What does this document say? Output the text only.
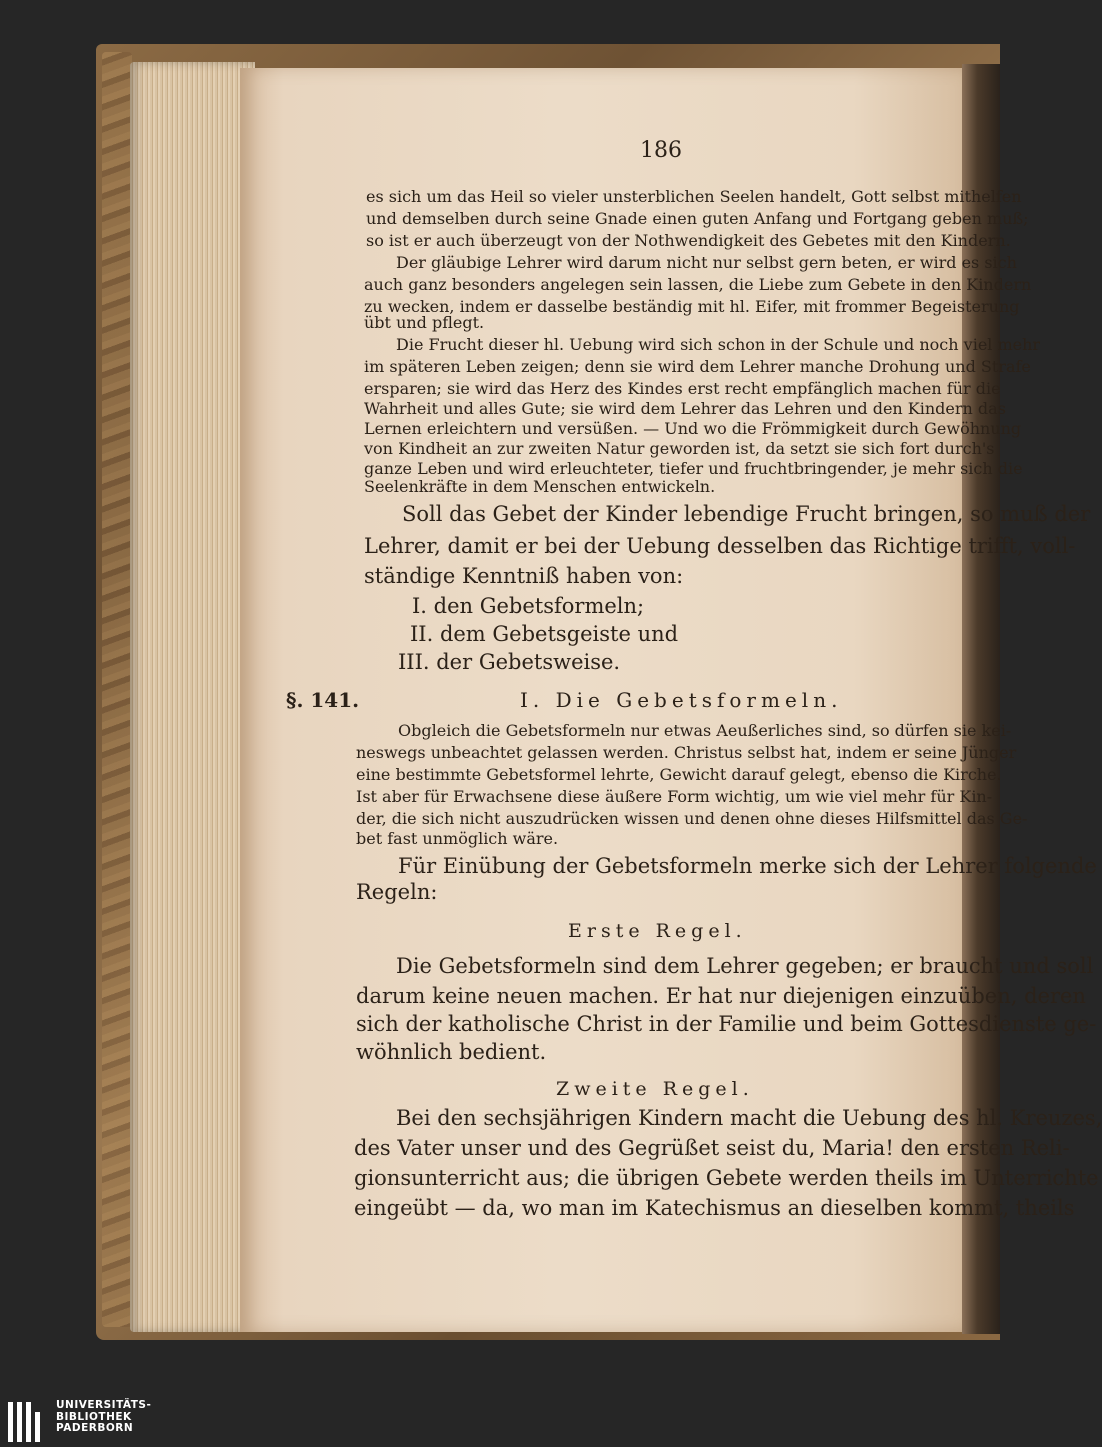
186
es sich um das Heil so vieler unsterblichen Seelen handelt, Gott selbst mithelfen
und demselben durch seine Gnade einen guten Anfang und Fortgang geben muß;
so ist er auch überzeugt von der Nothwendigkeit des Gebetes mit den Kindern.
Der gläubige Lehrer wird darum nicht nur selbst gern beten, er wird es sich
auch ganz besonders angelegen sein lassen, die Liebe zum Gebete in den Kindern
zu wecken, indem er dasselbe beständig mit hl. Eifer, mit frommer Begeisterung
übt und pflegt.
Die Frucht dieser hl. Uebung wird sich schon in der Schule und noch viel mehr
im späteren Leben zeigen; denn sie wird dem Lehrer manche Drohung und Strafe
ersparen; sie wird das Herz des Kindes erst recht empfänglich machen für die
Wahrheit und alles Gute; sie wird dem Lehrer das Lehren und den Kindern das
Lernen erleichtern und versüßen. — Und wo die Frömmigkeit durch Gewöhnung
von Kindheit an zur zweiten Natur geworden ist, da setzt sie sich fort durch's
ganze Leben und wird erleuchteter, tiefer und fruchtbringender, je mehr sich die
Seelenkräfte in dem Menschen entwickeln.
Soll das Gebet der Kinder lebendige Frucht bringen, so muß der
Lehrer, damit er bei der Uebung desselben das Richtige trifft, voll-
ständige Kenntniß haben von:
I. den Gebetsformeln;
II. dem Gebetsgeiste und
III. der Gebetsweise.
§. 141.	I. Die Gebetsformeln.
Obgleich die Gebetsformeln nur etwas Aeußerliches sind, so dürfen sie kei-
neswegs unbeachtet gelassen werden. Christus selbst hat, indem er seine Jünger
eine bestimmte Gebetsformel lehrte, Gewicht darauf gelegt, ebenso die Kirche.
Ist aber für Erwachsene diese äußere Form wichtig, um wie viel mehr für Kin-
der, die sich nicht auszudrücken wissen und denen ohne dieses Hilfsmittel das Ge-
bet fast unmöglich wäre.
Für Einübung der Gebetsformeln merke sich der Lehrer folgende
Regeln:
Erste Regel.
Die Gebetsformeln sind dem Lehrer gegeben; er braucht und soll
darum keine neuen machen. Er hat nur diejenigen einzuüben, deren
sich der katholische Christ in der Familie und beim Gottesdienste ge-
wöhnlich bedient.
Zweite Regel.
Bei den sechsjährigen Kindern macht die Uebung des hl. Kreuzes,
des Vater unser und des Gegrüßet seist du, Maria! den ersten Reli-
gionsunterricht aus; die übrigen Gebete werden theils im Unterrichte
eingeübt — da, wo man im Katechismus an dieselben kommt, theils
UNIVERSITÄTS-
BIBLIOTHEK
PADERBORN
